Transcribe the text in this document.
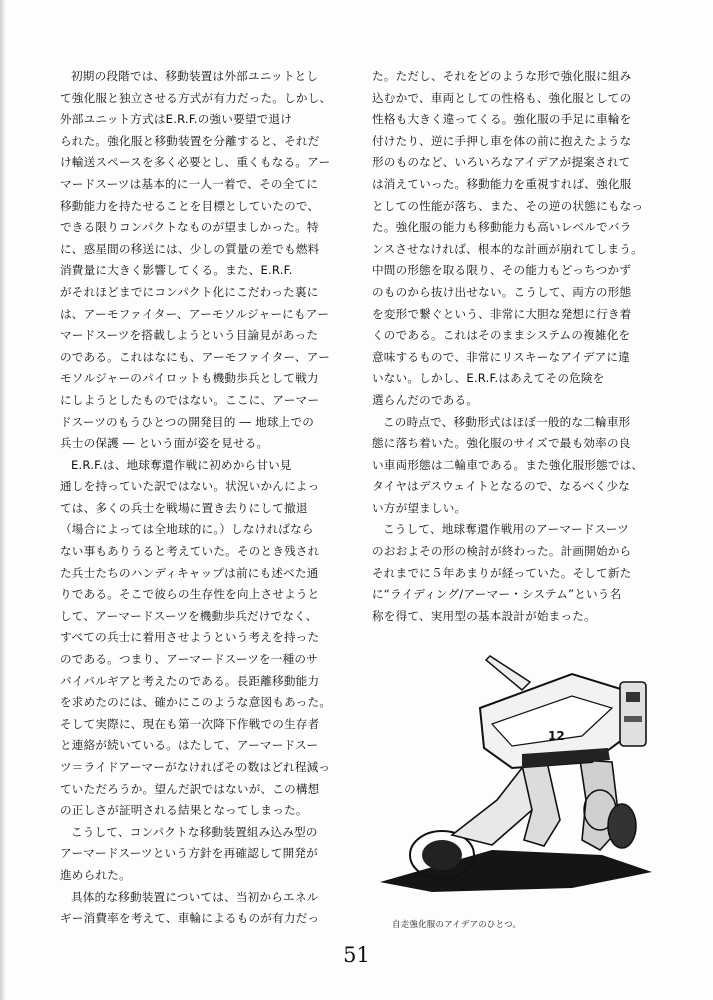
初期の段階では、移動装置は外部ユニットとし
て強化服と独立させる方式が有力だった。しかし、
外部ユニット方式はE.R.F.の強い要望で退け
られた。強化服と移動装置を分離すると、それだ
け輸送スペースを多く必要とし、重くもなる。アー
マードスーツは基本的に一人一着で、その全てに
移動能力を持たせることを目標としていたので、
できる限りコンパクトなものが望ましかった。特
に、惑星間の移送には、少しの質量の差でも燃料
消費量に大きく影響してくる。また、E.R.F.
がそれほどまでにコンパクト化にこだわった裏に
は、アーモファイター、アーモソルジャーにもアー
マードスーツを搭載しようという目論見があった
のである。これはなにも、アーモファイター、アー
モソルジャーのパイロットも機動歩兵として戦力
にしようとしたものではない。ここに、アーマー
ドスーツのもうひとつの開発目的 ― 地球上での
兵士の保護 ― という面が姿を見せる。
E.R.F.は、地球奪還作戦に初めから甘い見
通しを持っていた訳ではない。状況いかんによっ
ては、多くの兵士を戦場に置き去りにして撤退
（場合によっては全地球的に。）しなければなら
ない事もありうると考えていた。そのとき残され
た兵士たちのハンディキャップは前にも述べた通
りである。そこで彼らの生存性を向上させようと
して、アーマードスーツを機動歩兵だけでなく、
すべての兵士に着用させようという考えを持った
のである。つまり、アーマードスーツを一種のサ
バイバルギアと考えたのである。長距離移動能力
を求めたのには、確かにこのような意図もあった。
そして実際に、現在も第一次降下作戦での生存者
と連絡が続いている。はたして、アーマードスー
ツ＝ライドアーマーがなければその数はどれ程減っ
ていただろうか。望んだ訳ではないが、この構想
の正しさが証明される結果となってしまった。
こうして、コンパクトな移動装置組み込み型の
アーマードスーツという方針を再確認して開発が
進められた。
具体的な移動装置については、当初からエネル
ギー消費率を考えて、車輪によるものが有力だっ
た。ただし、それをどのような形で強化服に組み
込むかで、車両としての性格も、強化服としての
性格も大きく違ってくる。強化服の手足に車輪を
付けたり、逆に手押し車を体の前に抱えたような
形のものなど、いろいろなアイデアが提案されて
は消えていった。移動能力を重視すれば、強化服
としての性能が落ち、また、その逆の状態にもなっ
た。強化服の能力も移動能力も高いレベルでバラ
ンスさせなければ、根本的な計画が崩れてしまう。
中間の形態を取る限り、その能力もどっちつかず
のものから抜け出せない。こうして、両方の形態
を変形で繋ぐという、非常に大胆な発想に行き着
くのである。これはそのままシステムの複雑化を
意味するもので、非常にリスキーなアイデアに違
いない。しかし、E.R.F.はあえてその危険を
選らんだのである。
この時点で、移動形式はほぼ一般的な二輪車形
態に落ち着いた。強化服のサイズで最も効率の良
い車両形態は二輪車である。また強化服形態では、
タイヤはデスウェイトとなるので、なるべく少な
い方が望ましい。
こうして、地球奪還作戦用のアーマードスーツ
のおおよその形の検討が終わった。計画開始から
それまでに５年あまりが経っていた。そして新た
に“ライディング/アーマー・システム”という名
称を得て、実用型の基本設計が始まった。
12
自走強化服のアイデアのひとつ。
51
